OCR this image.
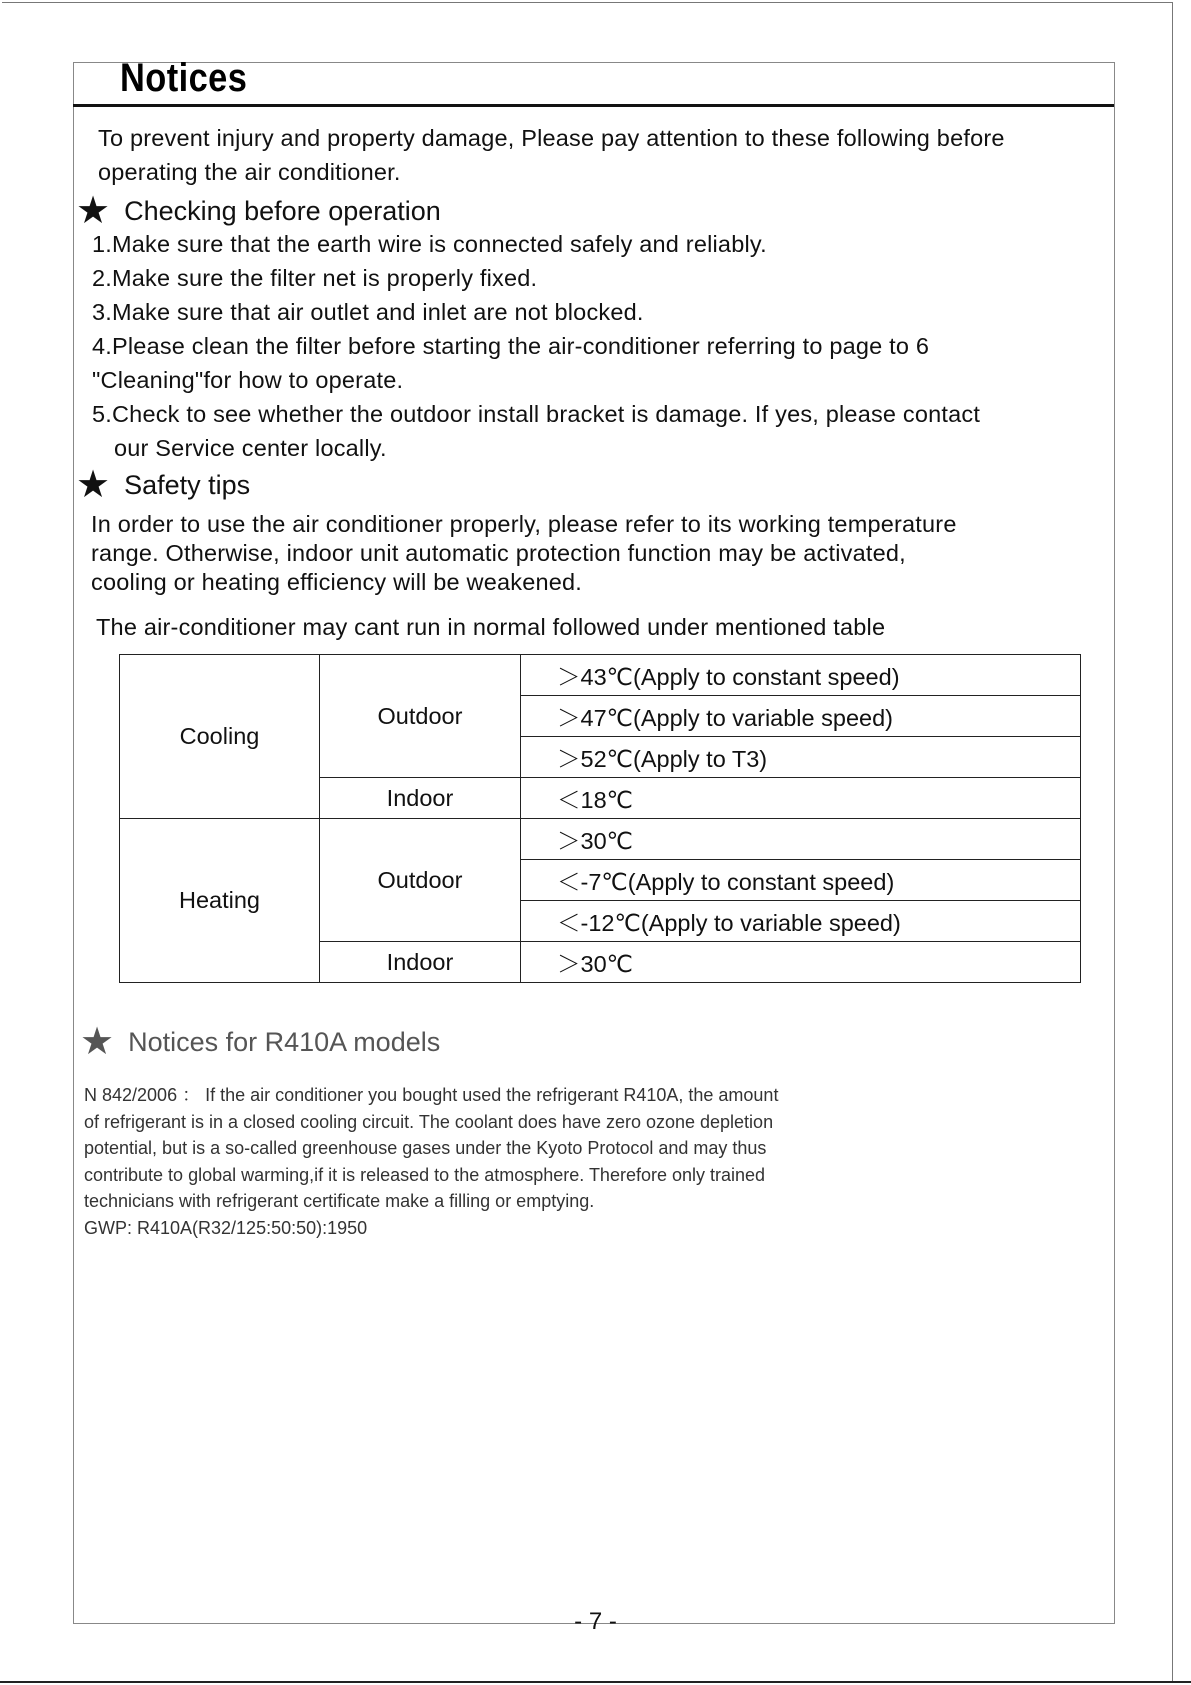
Notices

To prevent injury and property damage, Please pay attention to these following before
operating the air conditioner.

★ Checking before operation
1.Make sure that the earth wire is connected safely and reliably.
2.Make sure the filter net is properly fixed.
3.Make sure that air outlet and inlet are not blocked.
4.Please clean the filter before starting the air-conditioner referring to page to 6
"Cleaning"for how to operate.
5.Check to see whether the outdoor install bracket is damage. If yes, please contact
our Service center locally.
★ Safety tips

In order to use the air conditioner properly, please refer to its working temperature
range. Otherwise, indoor unit automatic protection function may be activated,
cooling or heating efficiency will be weakened.

The air-conditioner may cant run in normal followed under mentioned table

Cooling	Outdoor	＞43℃(Apply to constant speed)
		＞47℃(Apply to variable speed)
		＞52℃(Apply to T3)
	Indoor	＜18℃
Heating	Outdoor	＞30℃
		＜-7℃(Apply to constant speed)
		＜-12℃(Apply to variable speed)
	Indoor	＞30℃
★ Notices for R410A models

N 842/2006 ： If the air conditioner you bought used the refrigerant R410A, the amount
of refrigerant is in a closed cooling circuit. The coolant does have zero ozone depletion
potential, but is a so-called greenhouse gases under the Kyoto Protocol and may thus
contribute to global warming,if it is released to the atmosphere. Therefore only trained
technicians with refrigerant certificate make a filling or emptying.
GWP: R410A(R32/125:50:50):1950

- 7 -
